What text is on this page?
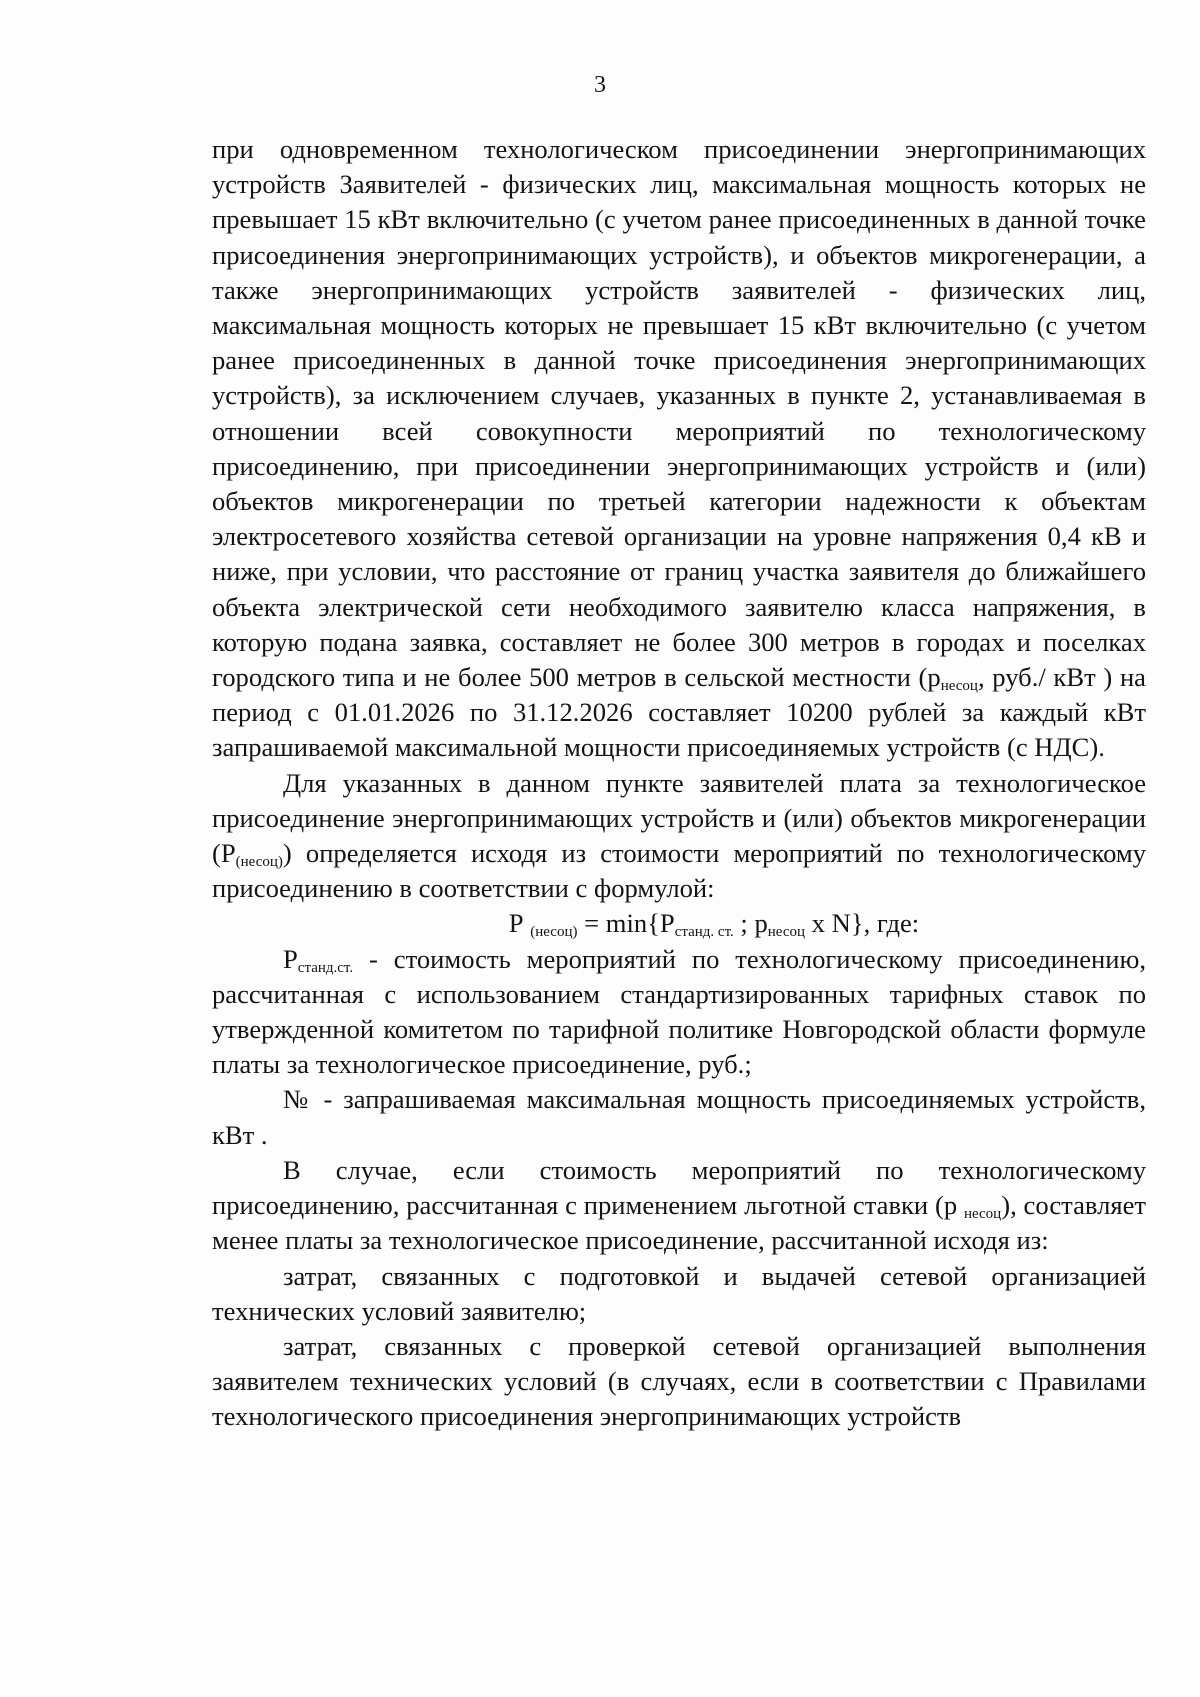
3

при одновременном технологическом присоединении энергопринимающих устройств Заявителей - физических лиц, максимальная мощность которых не превышает 15 кВт включительно (с учетом ранее присоединенных в данной точке присоединения энергопринимающих устройств), и объектов микрогенерации, а также энергопринимающих устройств заявителей - физических лиц, максимальная мощность которых не превышает 15 кВт включительно (с учетом ранее присоединенных в данной точке присоединения энергопринимающих устройств), за исключением случаев, указанных в пункте 2, устанавливаемая в отношении всей совокупности мероприятий по технологическому присоединению, при присоединении энергопринимающих устройств и (или) объектов микрогенерации по третьей категории надежности к объектам электросетевого хозяйства сетевой организации на уровне напряжения 0,4 кВ и ниже, при условии, что расстояние от границ участка заявителя до ближайшего объекта электрической сети необходимого заявителю класса напряжения, в которую подана заявка, составляет не более 300 метров в городах и поселках городского типа и не более 500 метров в сельской местности ($р_{несоц}$, руб./ кВт ) на период с 01.01.2026 по 31.12.2026 составляет 10200 рублей за каждый кВт запрашиваемой максимальной мощности присоединяемых устройств (с НДС).

Для указанных в данном пункте заявителей плата за технологическое присоединение энергопринимающих устройств и (или) объектов микрогенерации $(Р_{(несоц)})$ определяется исходя из стоимости мероприятий по технологическому присоединению в соответствии с формулой:

Р $_{(несоц)} = \min\{Р_{станд. ст.}$ ; $р_{несоц}$ х N}, где:

$Р_{станд.ст.}$ - стоимость мероприятий по технологическому присоединению, рассчитанная с использованием стандартизированных тарифных ставок по утвержденной комитетом по тарифной политике Новгородской области формуле платы за технологическое присоединение, руб.;

№ - запрашиваемая максимальная мощность присоединяемых устройств, кВт .

В случае, если стоимость мероприятий по технологическому присоединению, рассчитанная с применением льготной ставки (р $_{несоц}$), составляет менее платы за технологическое присоединение, рассчитанной исходя из:

затрат, связанных с подготовкой и выдачей сетевой организацией технических условий заявителю;

затрат, связанных с проверкой сетевой организацией выполнения заявителем технических условий (в случаях, если в соответствии с Правилами технологического присоединения энергопринимающих устройств
